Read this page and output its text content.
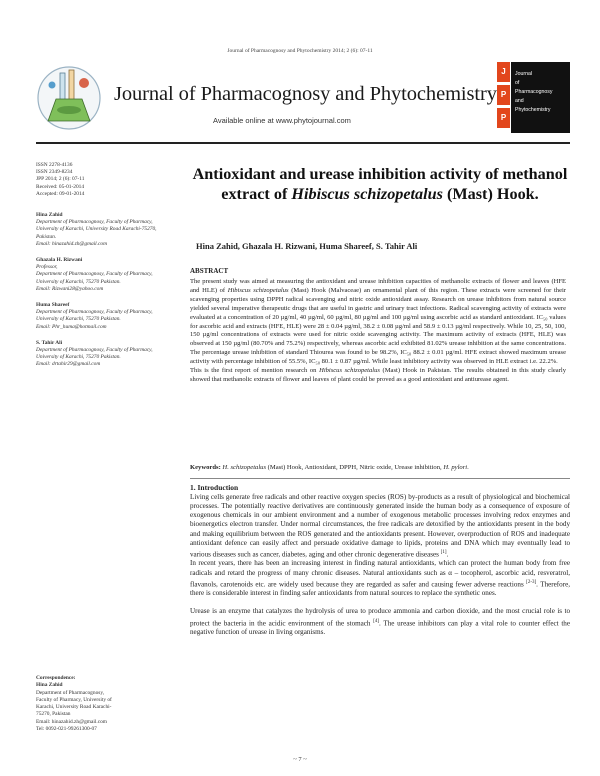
Journal of Pharmacognosy and Phytochemistry 2014; 2 (6): 07-11
Journal of Pharmacognosy and Phytochemistry
Available online at www.phytojournal.com
J
P
P
Journal
of
Pharmacognosy
and
Phytochemistry
ISSN 2278-4136
ISSN 2349-8234
JPP 2014; 2 (6): 07-11
Received: 05-01-2014
Accepted: 09-01-2014
Hina Zahid
Department of Pharmacognosy, Faculty of Pharmacy, University of Karachi, University Road Karachi-75270, Pakistan.
Email: hinazahid.zh@gmail.com
Ghazala H. Rizwani
Professor,
Department of Pharmacognosy, Faculty of Pharmacy, University of Karachi, 75270 Pakistan.
Email: Rizwani28@yahoo.com
Huma Shareef
Department of Pharmacognosy, Faculty of Pharmacy, University of Karachi, 75270 Pakistan.
Email: Phr_huma@hotmail.com
S. Tahir Ali
Department of Pharmacognosy, Faculty of Pharmacy, University of Karachi, 75270 Pakistan.
Email: drtahir29@gmail.com
Correspondence:
Hina Zahid
Department of Pharmacognosy,
Faculty of Pharmacy, University of
Karachi, University Road Karachi-
75270, Pakistan
Email: hinazahid.zh@gmail.com
Tel: 0092-021-99261300-07
Antioxidant and urease inhibition activity of methanol extract of Hibiscus schizopetalus (Mast) Hook.
Hina Zahid, Ghazala H. Rizwani, Huma Shareef, S. Tahir Ali
ABSTRACT
The present study was aimed at measuring the antioxidant and urease inhibition capacities of methanolic extracts of flower and leaves (HFE and HLE) of Hibiscus schizopetalus (Mast) Hook (Malvaceae) an ornamental plant of this region. These extracts were screened for their scavenging properties using DPPH radical scavenging and nitric oxide antioxidant assay. Research on urease inhibitors from natural source yielded several imperative therapeutic drugs that are useful in gastric and urinary tract infections. Radical scavenging activity of extracts were evaluated at a concentration of 20 µg/ml, 40 µg/ml, 60 µg/ml, 80 µg/ml and 100 µg/ml using ascorbic acid as standard antioxidant. IC₅₀ values for ascorbic acid and extracts (HFE, HLE) were 28 ± 0.04 µg/ml, 38.2 ± 0.08 µg/ml and 58.9 ± 0.13 µg/ml respectively. While 10, 25, 50, 100, 150 µg/ml concentrations of extracts were used for nitric oxide scavenging activity. The maximum activity of extracts (HFE, HLE) was observed at 150 µg/ml (80.70% and 75.2%) respectively, whereas ascorbic acid exhibited 81.02% urease inhibition at the same concentrations. The percentage urease inhibition of standard Thiourea was found to be 98.2%, IC₅₀ 88.2 ± 0.01 µg/ml. HFE extract showed maximum urease activity with percentage inhibition of 55.5%, IC₅₀ 80.1 ± 0.87 µg/ml. While least inhibitory activity was observed in HLE extract i.e. 22.2%.
This is the first report of mention research on Hibiscus schizopetalus (Mast) Hook in Pakistan. The results obtained in this study clearly showed that methanolic extracts of flower and leaves of plant could be proved as a good antioxidant and antiurease agent.
Keywords: H. schizopetalus (Mast) Hook, Antioxidant, DPPH, Nitric oxide, Urease inhibition, H. pylori.
1. Introduction

Living cells generate free radicals and other reactive oxygen species (ROS) by-products as a result of physiological and biochemical processes. The potentially reactive derivatives are continuously generated inside the human body as a consequence of exposure of exogenous chemicals in our ambient environment and a number of exogenous metabolic processes involving redox enzymes and bioenergetics electron transfer. Under normal circumstances, the free radicals are detoxified by the antioxidants present in the body and making equilibrium between the ROS generated and the antioxidants present. However, overproduction of ROS and inadequate antioxidant defence can easily affect and persuade oxidative damage to lipids, proteins and DNA which may eventually lead to various diseases such as cancer, diabetes, aging and other chronic degenerative diseases [1].

In recent years, there has been an increasing interest in finding natural antioxidants, which can protect the human body from free radicals and retard the progress of many chronic diseases. Natural antioxidants such as α – tocopherol, ascorbic acid, resveratrol, flavanols, carotenoids etc. are widely used because they are regarded as safer and causing fewer adverse reactions [2-3]. Therefore, there is considerable interest in finding safer antioxidants from natural sources to replace the synthetic ones.

Urease is an enzyme that catalyzes the hydrolysis of urea to produce ammonia and carbon dioxide, and the most crucial role is to protect the bacteria in the acidic environment of the stomach [4]. The urease inhibitors can play a vital role to counter effect the negative function of urease in living organisms.

~ 7 ~
